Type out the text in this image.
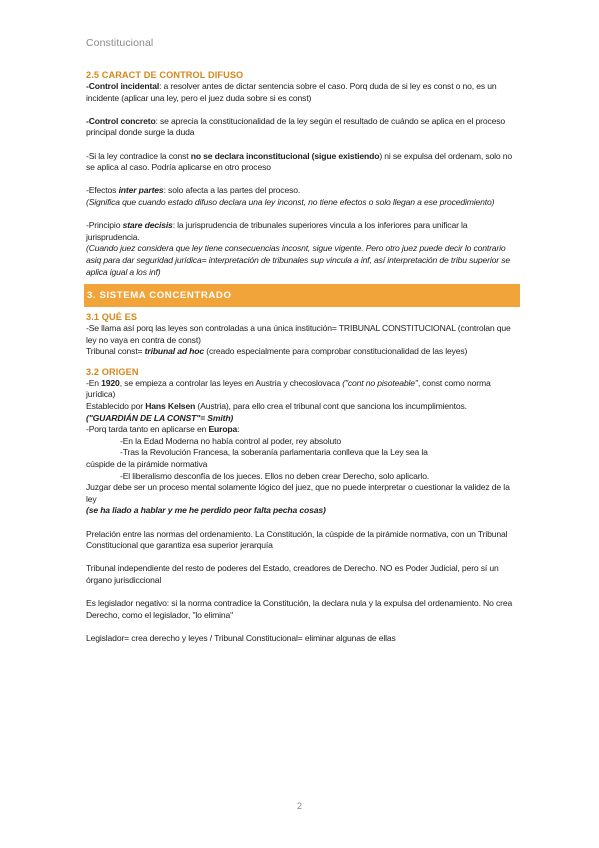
Constitucional

2.5 CARACT DE CONTROL DIFUSO

-Control incidental: a resolver antes de dictar sentencia sobre el caso. Porq duda de si ley es const o no, es un incidente (aplicar una ley, pero el juez duda sobre si es const)

-Control concreto: se aprecia la constitucionalidad de la ley según el resultado de cuándo se aplica en el proceso principal donde surge la duda

-Si la ley contradice la const no se declara inconstitucional (sigue existiendo) ni se expulsa del ordenam, solo no se aplica al caso. Podría aplicarse en otro proceso

-Efectos inter partes: solo afecta a las partes del proceso.

(Significa que cuando estado difuso declara una ley inconst, no tiene efectos o solo llegan a ese procedimiento)

-Principio stare decisis: la jurisprudencia de tribunales superiores vincula a los inferiores para unificar la jurisprudencia.

(Cuando juez considera que ley tiene consecuencias incosnt, sigue vigente. Pero otro juez puede decir lo contrario asiq para dar seguridad jurídica= interpretación de tribunales sup vincula a inf, así interpretación de tribu superior se aplica igual a los inf)

3. SISTEMA CONCENTRADO

3.1 QUÉ ES

-Se llama así porq las leyes son controladas a una única institución= TRIBUNAL CONSTITUCIONAL (controlan que ley no vaya en contra de const)

Tribunal const= tribunal ad hoc (creado especialmente para comprobar constitucionalidad de las leyes)

3.2 ORIGEN

-En 1920, se empieza a controlar las leyes en Austria y checoslovaca ("cont no pisoteable", const como norma jurídica)

Establecido por Hans Kelsen (Austria), para ello crea el tribunal cont que sanciona los incumplimientos.

("GUARDIÁN DE LA CONST"= Smith)

-Porq tarda tanto en aplicarse en Europa:

-En la Edad Moderna no había control al poder, rey absoluto

-Tras la Revolución Francesa, la soberanía parlamentaria conlleva que la Ley sea la

cúspide de la pirámide normativa

-El liberalismo desconfía de los jueces. Ellos no deben crear Derecho, solo aplicarlo.

Juzgar debe ser un proceso mental solamente lógico del juez, que no puede interpretar o cuestionar la validez de la ley

(se ha liado a hablar y me he perdido peor falta pecha cosas)

Prelación entre las normas del ordenamiento. La Constitución, la cúspide de la pirámide normativa, con un Tribunal Constitucional que garantiza esa superior jerarquía

Tribunal independiente del resto de poderes del Estado, creadores de Derecho. NO es Poder Judicial, pero sí un órgano jurisdiccional

Es legislador negativo: si la norma contradice la Constitución, la declara nula y la expulsa del ordenamiento. No crea Derecho, como el legislador, "lo elimina"

Legislador= crea derecho y leyes / Tribunal Constitucional= eliminar algunas de ellas

2
